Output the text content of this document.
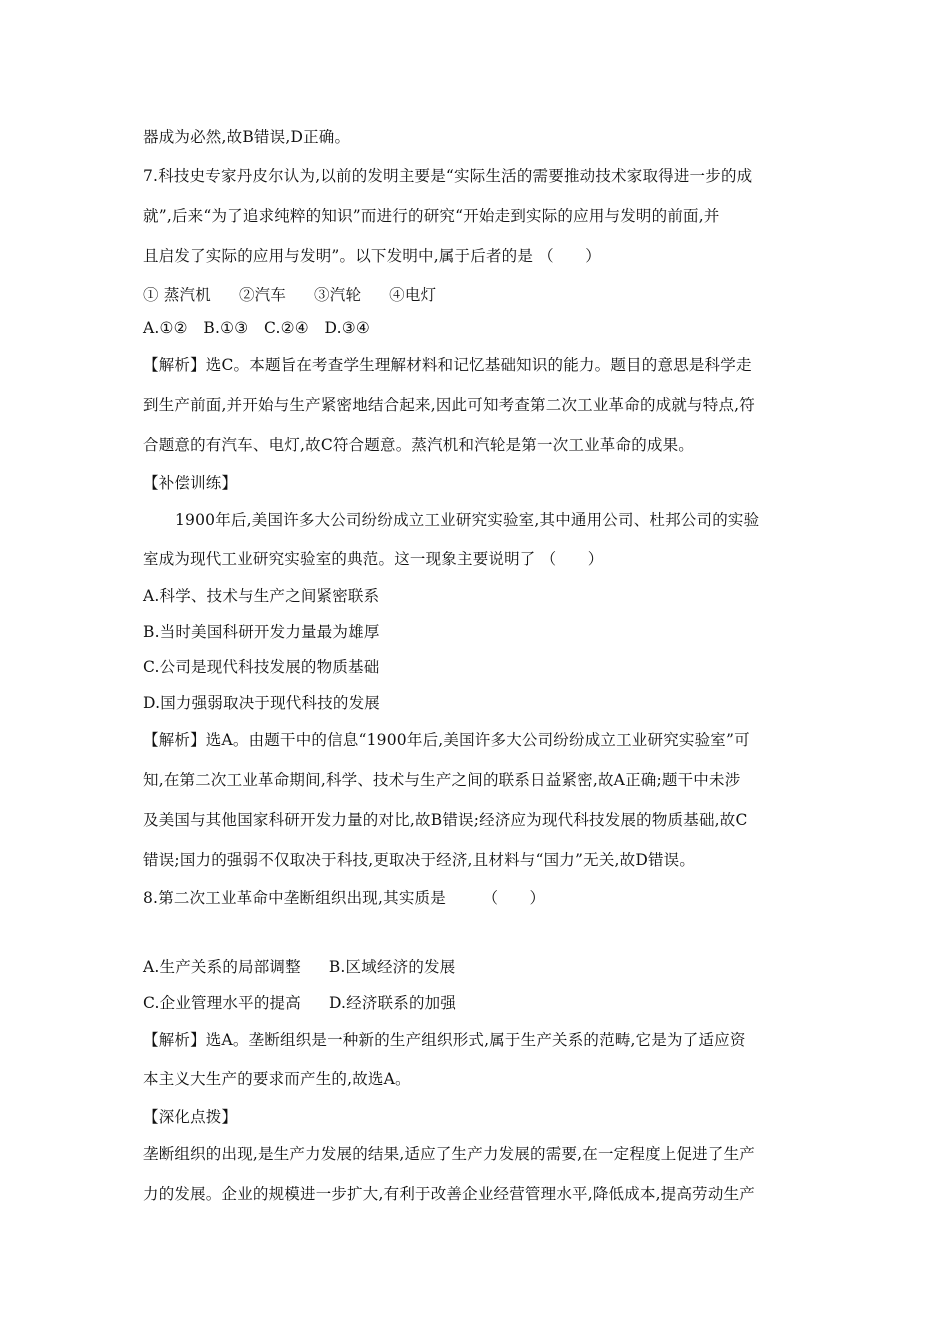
器成为必然,故B错误,D正确。
7.科技史专家丹皮尔认为,以前的发明主要是“实际生活的需要推动技术家取得进一步的成
就”,后来“为了追求纯粹的知识”而进行的研究“开始走到实际的应用与发明的前面,并
且启发了实际的应用与发明”。以下发明中,属于后者的是 （　　）
① 蒸汽机 ②汽车 ③汽轮 ④电灯
A.①②　B.①③　C.②④　D.③④
【解析】选C。本题旨在考查学生理解材料和记忆基础知识的能力。题目的意思是科学走
到生产前面,并开始与生产紧密地结合起来,因此可知考查第二次工业革命的成就与特点,符
合题意的有汽车、电灯,故C符合题意。蒸汽机和汽轮是第一次工业革命的成果。
【补偿训练】
1900年后,美国许多大公司纷纷成立工业研究实验室,其中通用公司、杜邦公司的实验
室成为现代工业研究实验室的典范。这一现象主要说明了 （　　）
A.科学、技术与生产之间紧密联系
B.当时美国科研开发力量最为雄厚
C.公司是现代科技发展的物质基础
D.国力强弱取决于现代科技的发展
【解析】选A。由题干中的信息“1900年后,美国许多大公司纷纷成立工业研究实验室”可
知,在第二次工业革命期间,科学、技术与生产之间的联系日益紧密,故A正确;题干中未涉
及美国与其他国家科研开发力量的对比,故B错误;经济应为现代科技发展的物质基础,故C
错误;国力的强弱不仅取决于科技,更取决于经济,且材料与“国力”无关,故D错误。
8.第二次工业革命中垄断组织出现,其实质是　　 （　　）
A.生产关系的局部调整 B.区域经济的发展
C.企业管理水平的提高 D.经济联系的加强
【解析】选A。垄断组织是一种新的生产组织形式,属于生产关系的范畴,它是为了适应资
本主义大生产的要求而产生的,故选A。
【深化点拨】
垄断组织的出现,是生产力发展的结果,适应了生产力发展的需要,在一定程度上促进了生产
力的发展。企业的规模进一步扩大,有利于改善企业经营管理水平,降低成本,提高劳动生产
